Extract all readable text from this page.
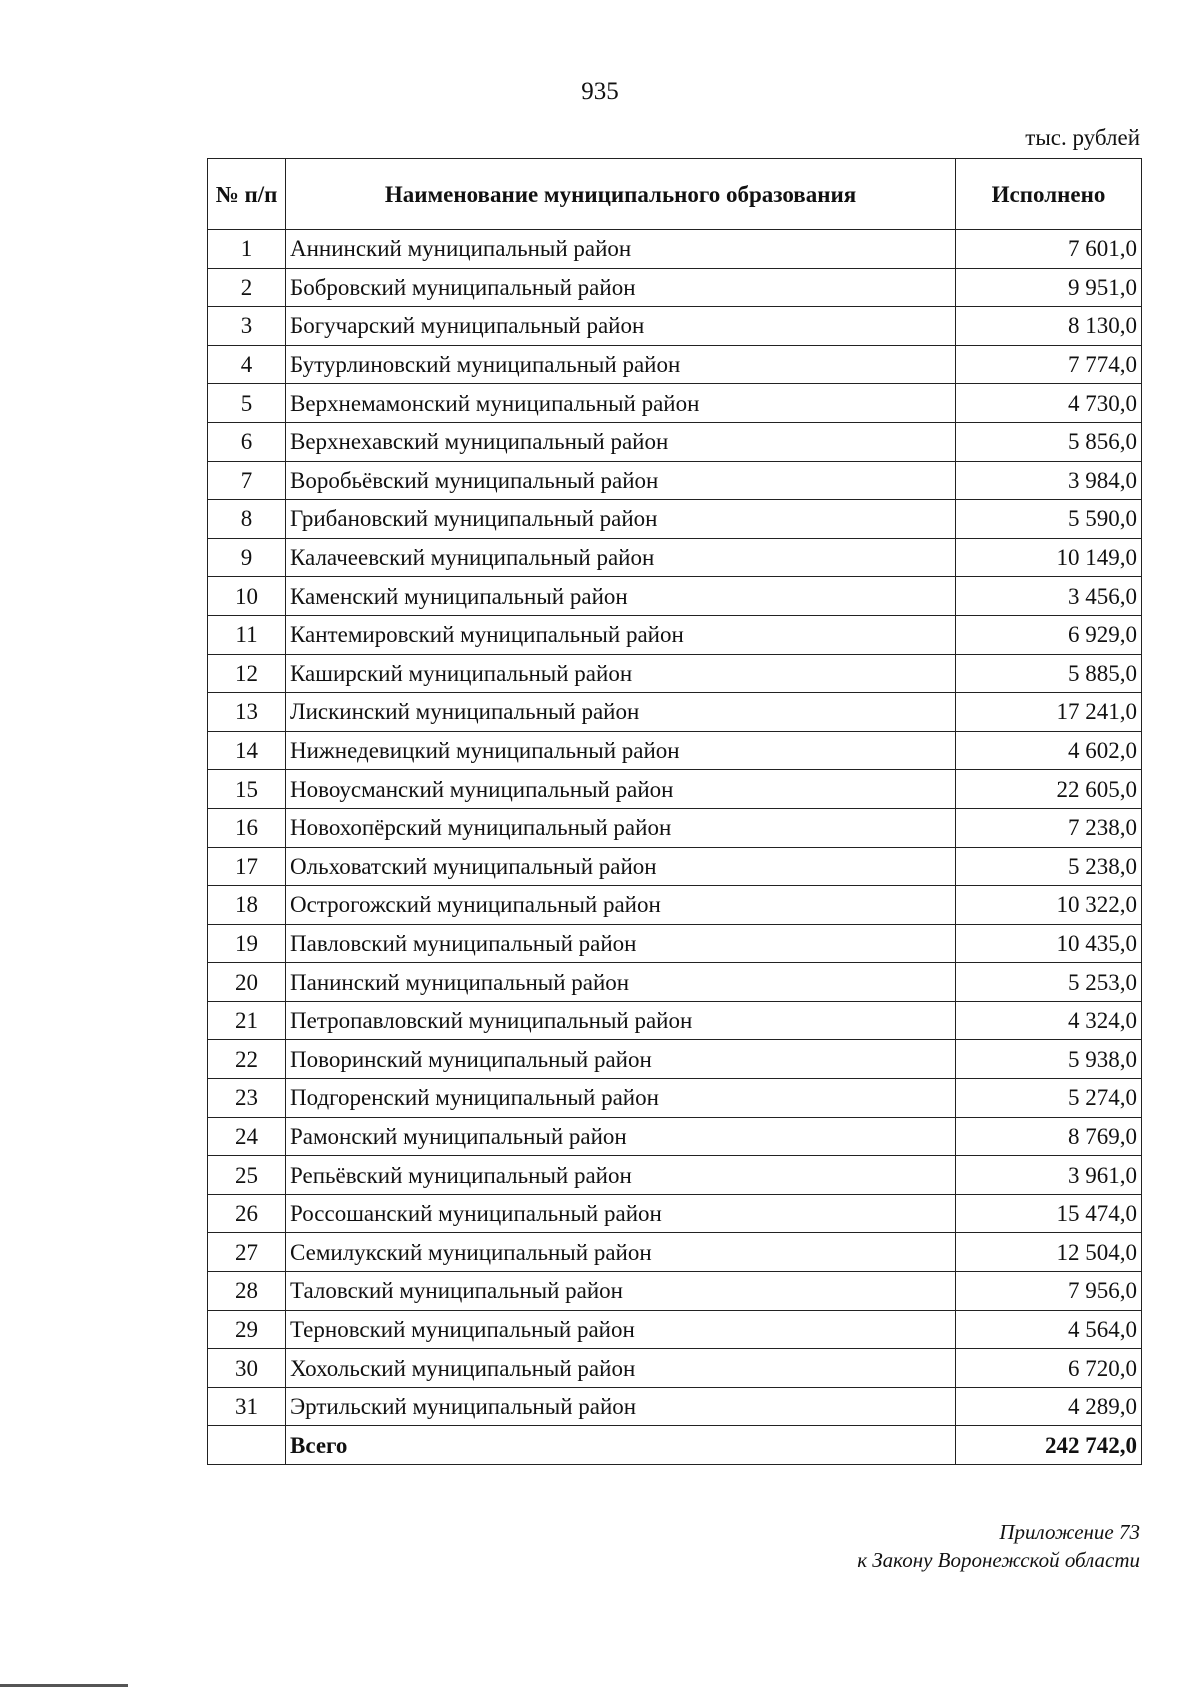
935
тыс. рублей
№ п/п	Наименование муниципального образования	Исполнено
1	Аннинский муниципальный район	7 601,0
2	Бобровский муниципальный район	9 951,0
3	Богучарский муниципальный район	8 130,0
4	Бутурлиновский муниципальный район	7 774,0
5	Верхнемамонский муниципальный район	4 730,0
6	Верхнехавский муниципальный район	5 856,0
7	Воробьёвский муниципальный район	3 984,0
8	Грибановский муниципальный район	5 590,0
9	Калачеевский муниципальный район	10 149,0
10	Каменский муниципальный район	3 456,0
11	Кантемировский муниципальный район	6 929,0
12	Каширский муниципальный район	5 885,0
13	Лискинский муниципальный район	17 241,0
14	Нижнедевицкий муниципальный район	4 602,0
15	Новоусманский муниципальный район	22 605,0
16	Новохопёрский муниципальный район	7 238,0
17	Ольховатский муниципальный район	5 238,0
18	Острогожский муниципальный район	10 322,0
19	Павловский муниципальный район	10 435,0
20	Панинский муниципальный район	5 253,0
21	Петропавловский муниципальный район	4 324,0
22	Поворинский муниципальный район	5 938,0
23	Подгоренский муниципальный район	5 274,0
24	Рамонский муниципальный район	8 769,0
25	Репьёвский муниципальный район	3 961,0
26	Россошанский муниципальный район	15 474,0
27	Семилукский муниципальный район	12 504,0
28	Таловский муниципальный район	7 956,0
29	Терновский муниципальный район	4 564,0
30	Хохольский муниципальный район	6 720,0
31	Эртильский муниципальный район	4 289,0
	Всего	242 742,0
Приложение 73
к Закону Воронежской области
